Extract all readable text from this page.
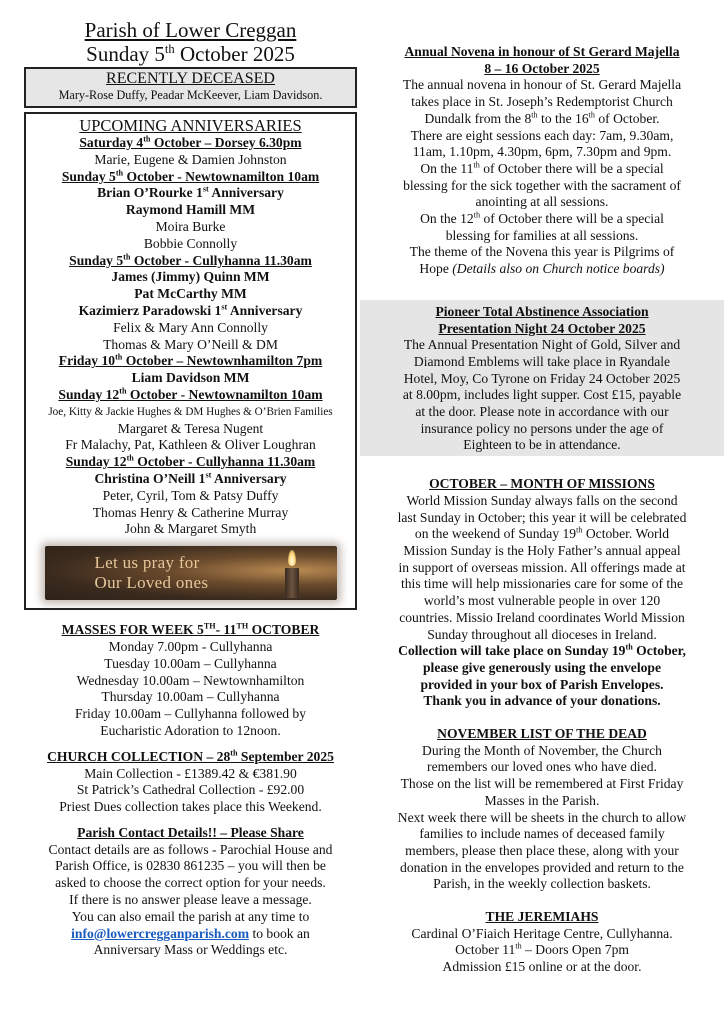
Parish of Lower Creggan
Sunday 5th October 2025
RECENTLY DECEASED
Mary-Rose Duffy, Peadar McKeever, Liam Davidson.
UPCOMING ANNIVERSARIES
Saturday 4th October – Dorsey 6.30pm
Marie, Eugene & Damien Johnston
Sunday 5th October - Newtownamilton 10am
Brian O’Rourke 1st Anniversary
Raymond Hamill MM
Moira Burke
Bobbie Connolly
Sunday 5th October - Cullyhanna 11.30am
James (Jimmy) Quinn MM
Pat McCarthy MM
Kazimierz Paradowski 1st Anniversary
Felix & Mary Ann Connolly
Thomas & Mary O’Neill & DM
Friday 10th October – Newtownhamilton 7pm
Liam Davidson MM
Sunday 12th October - Newtownamilton 10am
Joe, Kitty & Jackie Hughes & DM Hughes & O’Brien Families
Margaret & Teresa Nugent
Fr Malachy, Pat, Kathleen & Oliver Loughran
Sunday 12th October - Cullyhanna 11.30am
Christina O’Neill 1st Anniversary
Peter, Cyril, Tom & Patsy Duffy
Thomas Henry & Catherine Murray
John & Margaret Smyth
Let us pray for
Our Loved ones
MASSES FOR WEEK 5TH- 11TH OCTOBER
Monday 7.00pm - Cullyhanna
Tuesday 10.00am – Cullyhanna
Wednesday 10.00am – Newtownhamilton
Thursday 10.00am – Cullyhanna
Friday 10.00am – Cullyhanna followed by
Eucharistic Adoration to 12noon.
CHURCH COLLECTION – 28th September 2025
Main Collection - £1389.42 & €381.90
St Patrick’s Cathedral Collection - £92.00
Priest Dues collection takes place this Weekend.
Parish Contact Details!! – Please Share
Contact details are as follows - Parochial House and
Parish Office, is 02830 861235 – you will then be
asked to choose the correct option for your needs.
If there is no answer please leave a message.
You can also email the parish at any time to
info@lowercregganparish.com to book an
Anniversary Mass or Weddings etc.
Annual Novena in honour of St Gerard Majella
8 – 16 October 2025
The annual novena in honour of St. Gerard Majella
takes place in St. Joseph’s Redemptorist Church
Dundalk from the 8th to the 16th of October.
There are eight sessions each day: 7am, 9.30am,
11am, 1.10pm, 4.30pm, 6pm, 7.30pm and 9pm.
On the 11th of October there will be a special
blessing for the sick together with the sacrament of
anointing at all sessions.
On the 12th of October there will be a special
blessing for families at all sessions.
The theme of the Novena this year is Pilgrims of
Hope (Details also on Church notice boards)
Pioneer Total Abstinence Association
Presentation Night 24 October 2025
The Annual Presentation Night of Gold, Silver and
Diamond Emblems will take place in Ryandale
Hotel, Moy, Co Tyrone on Friday 24 October 2025
at 8.00pm, includes light supper. Cost £15, payable
at the door. Please note in accordance with our
insurance policy no persons under the age of
Eighteen to be in attendance.
OCTOBER – MONTH OF MISSIONS
World Mission Sunday always falls on the second
last Sunday in October; this year it will be celebrated
on the weekend of Sunday 19th October. World
Mission Sunday is the Holy Father’s annual appeal
in support of overseas mission. All offerings made at
this time will help missionaries care for some of the
world’s most vulnerable people in over 120
countries. Missio Ireland coordinates World Mission
Sunday throughout all dioceses in Ireland.
Collection will take place on Sunday 19th October,
please give generously using the envelope
provided in your box of Parish Envelopes.
Thank you in advance of your donations.
NOVEMBER LIST OF THE DEAD
During the Month of November, the Church
remembers our loved ones who have died.
Those on the list will be remembered at First Friday
Masses in the Parish.
Next week there will be sheets in the church to allow
families to include names of deceased family
members, please then place these, along with your
donation in the envelopes provided and return to the
Parish, in the weekly collection baskets.
THE JEREMIAHS
Cardinal O’Fiaich Heritage Centre, Cullyhanna.
October 11th – Doors Open 7pm
Admission £15 online or at the door.
